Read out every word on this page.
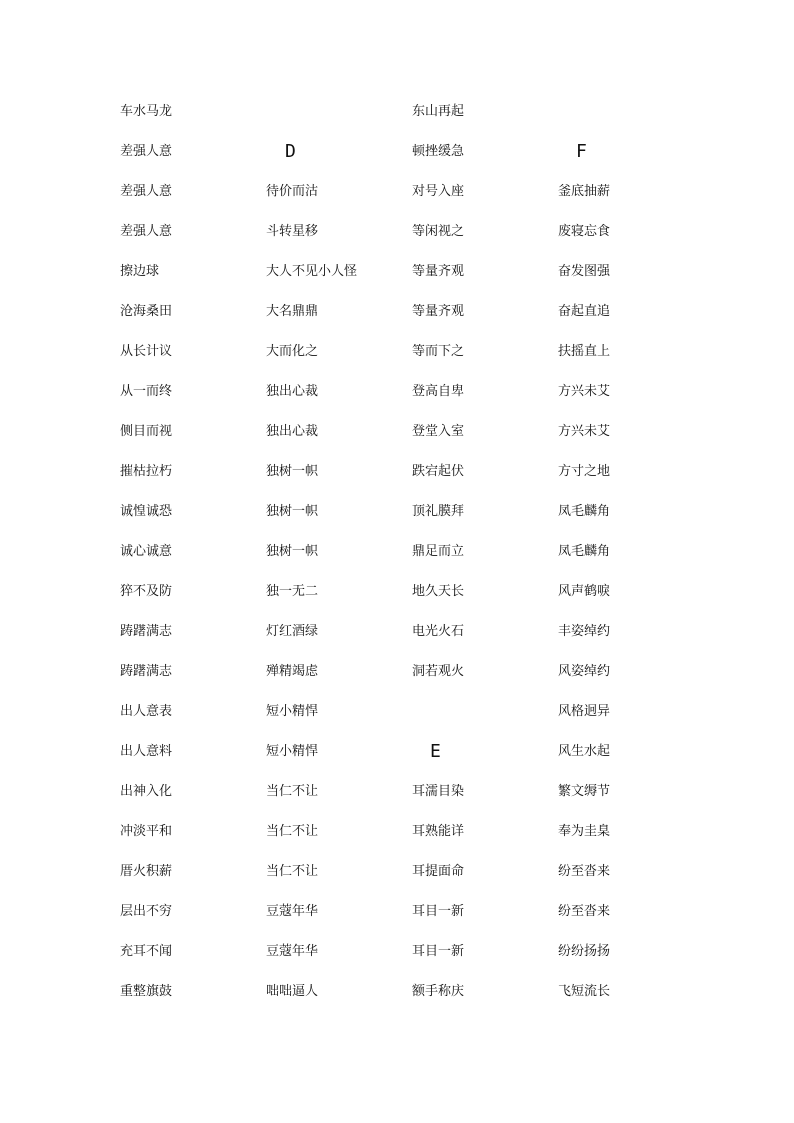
车水马龙
差强人意
差强人意
差强人意
擦边球
沧海桑田
从长计议
从一而终
侧目而视
摧枯拉朽
诚惶诚恐
诚心诚意
猝不及防
踌躇满志
踌躇满志
出人意表
出人意料
出神入化
冲淡平和
厝火积薪
层出不穷
充耳不闻
重整旗鼓
D
待价而沽
斗转星移
大人不见小人怪
大名鼎鼎
大而化之
独出心裁
独出心裁
独树一帜
独树一帜
独树一帜
独一无二
灯红酒绿
殚精竭虑
短小精悍
短小精悍
当仁不让
当仁不让
当仁不让
豆蔻年华
豆蔻年华
咄咄逼人
东山再起
顿挫缓急
对号入座
等闲视之
等量齐观
等量齐观
等而下之
登高自卑
登堂入室
跌宕起伏
顶礼膜拜
鼎足而立
地久天长
电光火石
洞若观火
E
耳濡目染
耳熟能详
耳提面命
耳目一新
耳目一新
额手称庆
F
釜底抽薪
废寝忘食
奋发图强
奋起直追
扶摇直上
方兴未艾
方兴未艾
方寸之地
凤毛麟角
凤毛麟角
风声鹤唳
丰姿绰约
风姿绰约
风格迥异
风生水起
繁文缛节
奉为圭臬
纷至沓来
纷至沓来
纷纷扬扬
飞短流长
